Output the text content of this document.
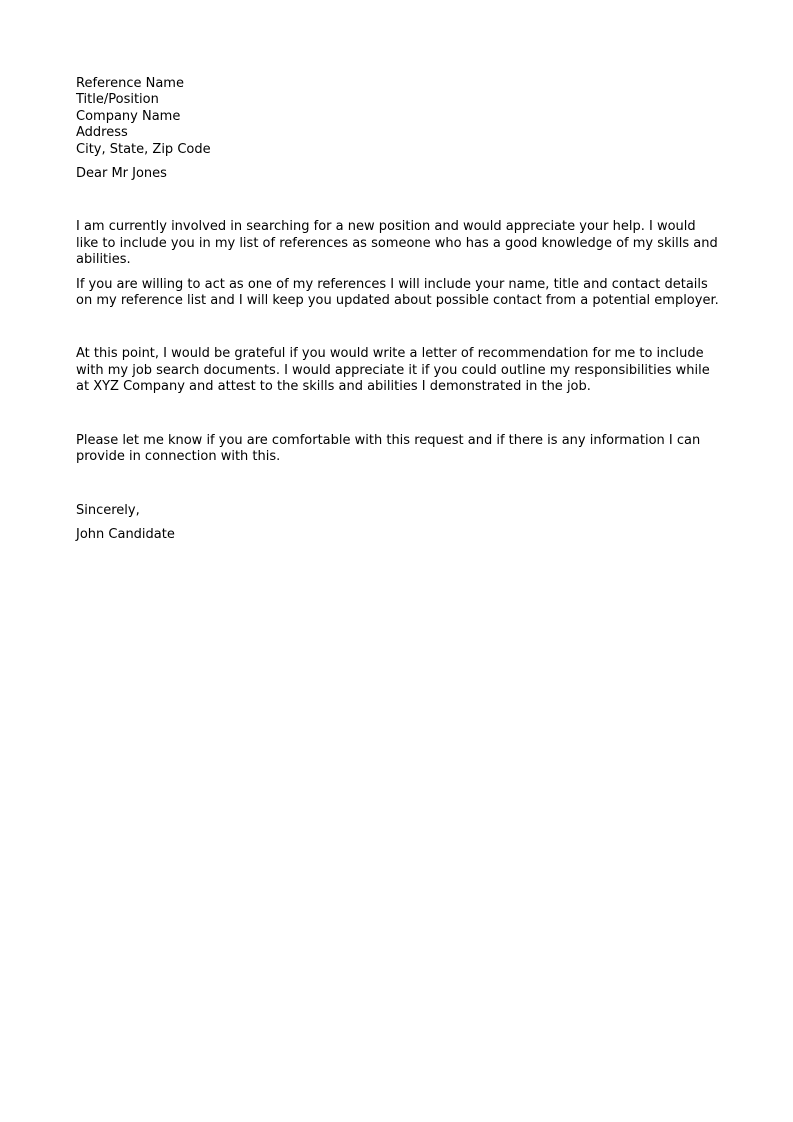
Reference Name
Title/Position
Company Name
Address
City, State, Zip Code

Dear Mr Jones

I am currently involved in searching for a new position and would appreciate your help. I would like to include you in my list of references as someone who has a good knowledge of my skills and abilities.

If you are willing to act as one of my references I will include your name, title and contact details on my reference list and I will keep you updated about possible contact from a potential employer.

At this point, I would be grateful if you would write a letter of recommendation for me to include with my job search documents. I would appreciate it if you could outline my responsibilities while at XYZ Company and attest to the skills and abilities I demonstrated in the job.

Please let me know if you are comfortable with this request and if there is any information I can provide in connection with this.

Sincerely,

John Candidate
